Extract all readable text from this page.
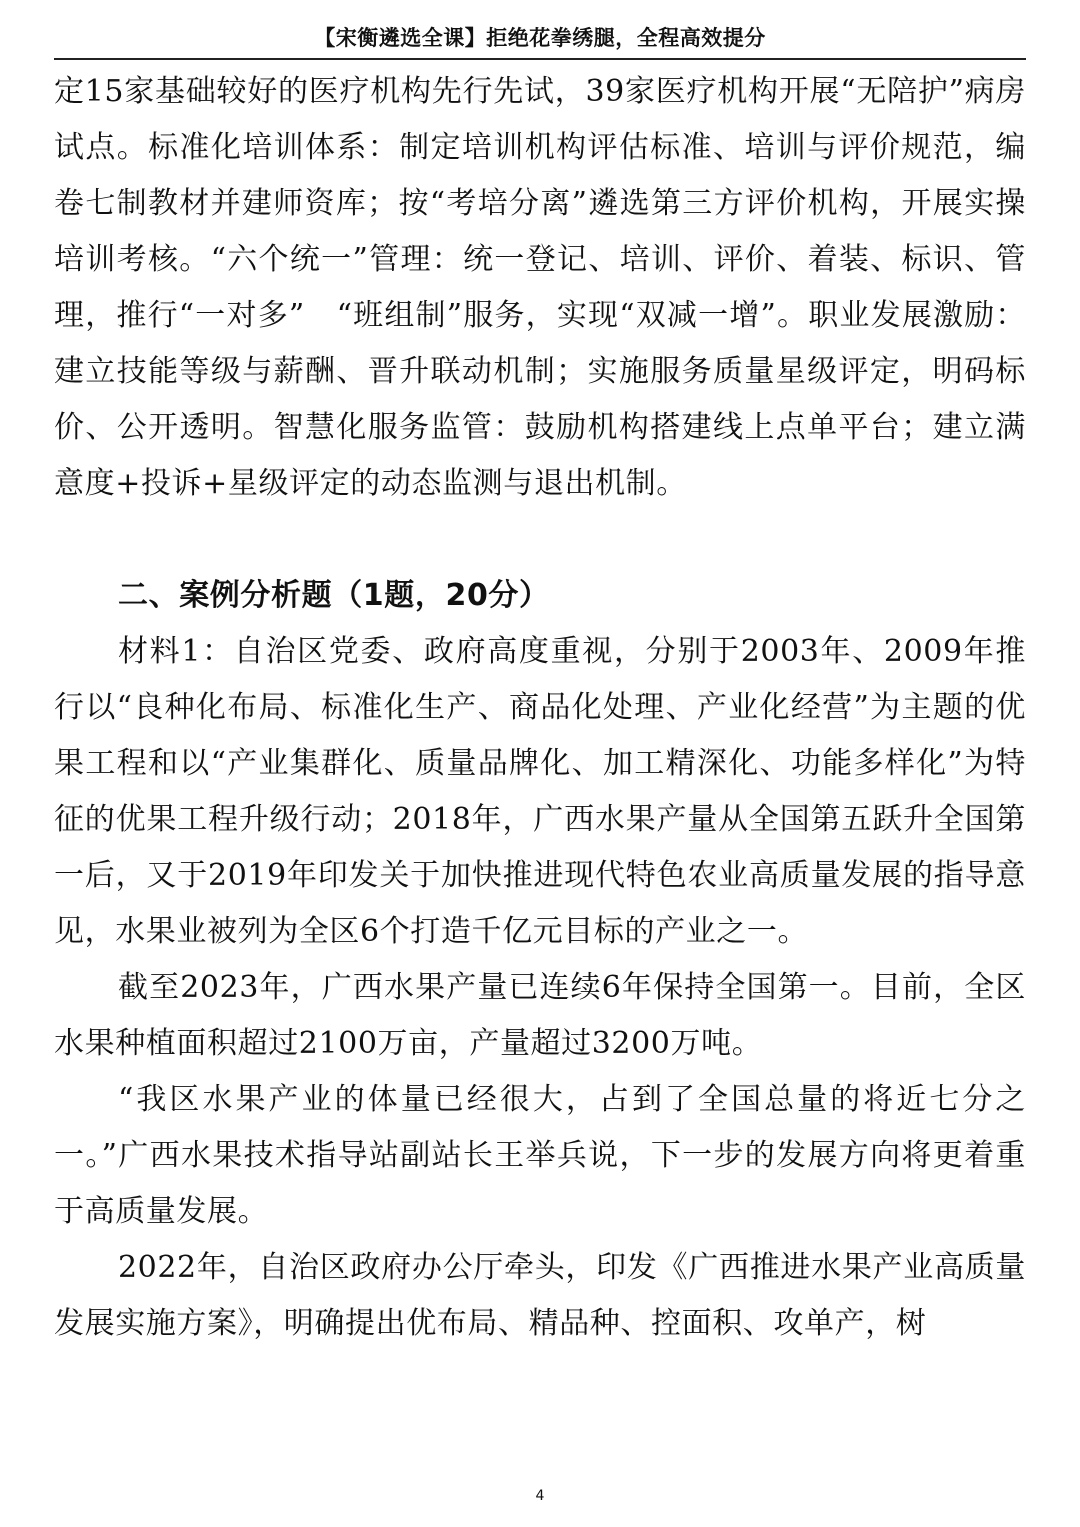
【宋衡遴选全课】拒绝花拳绣腿，全程高效提分

定15家基础较好的医疗机构先行先试，39家医疗机构开展“无陪护”病房试点。标准化培训体系：制定培训机构评估标准、培训与评价规范，编卷七制教材并建师资库；按“考培分离”遴选第三方评价机构，开展实操培训考核。“六个统一”管理：统一登记、培训、评价、着装、标识、管理，推行“一对多”　“班组制”服务，实现“双减一增”。职业发展激励：建立技能等级与薪酬、晋升联动机制；实施服务质量星级评定，明码标价、公开透明。智慧化服务监管：鼓励机构搭建线上点单平台；建立满意度+投诉+星级评定的动态监测与退出机制。

二、案例分析题（1题，20分）

材料1：自治区党委、政府高度重视，分别于2003年、2009年推行以“良种化布局、标准化生产、商品化处理、产业化经营”为主题的优果工程和以“产业集群化、质量品牌化、加工精深化、功能多样化”为特征的优果工程升级行动；2018年，广西水果产量从全国第五跃升全国第一后，又于2019年印发关于加快推进现代特色农业高质量发展的指导意见，水果业被列为全区6个打造千亿元目标的产业之一。

截至2023年，广西水果产量已连续6年保持全国第一。目前，全区水果种植面积超过2100万亩，产量超过3200万吨。

“我区水果产业的体量已经很大，占到了全国总量的将近七分之一。”广西水果技术指导站副站长王举兵说，下一步的发展方向将更着重于高质量发展。

2022年，自治区政府办公厅牵头，印发《广西推进水果产业高质量发展实施方案》，明确提出优布局、精品种、控面积、攻单产，树

4
